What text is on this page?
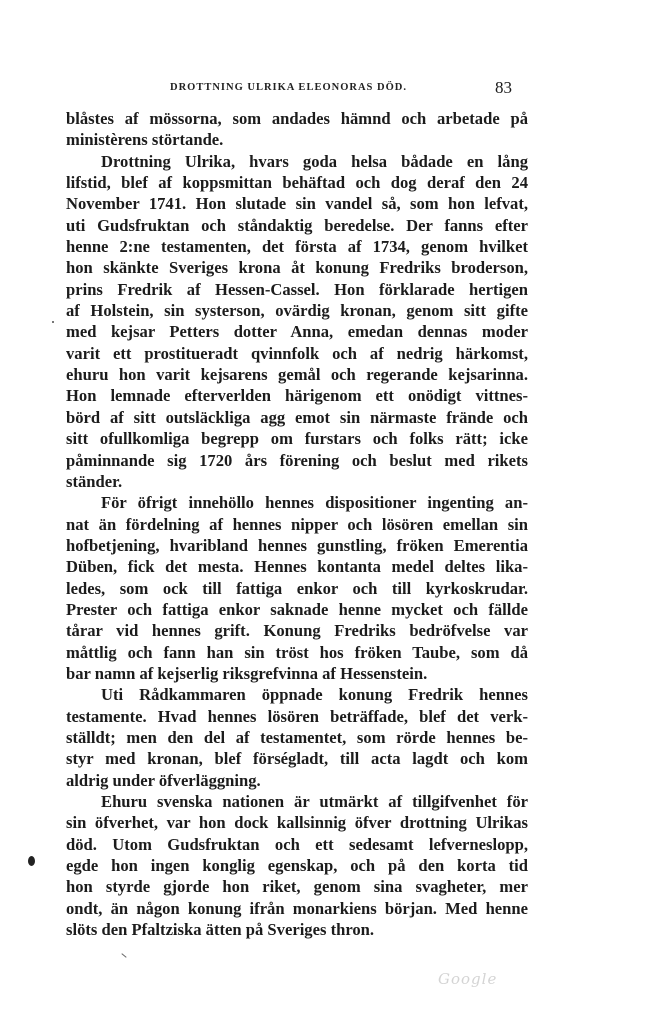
DROTTNING ULRIKA ELEONORAS DÖD.	83
blåstes af mössorna, som andades hämnd och arbetade på
ministèrens störtande.
Drottning Ulrika, hvars goda helsa bådade en lång
lifstid, blef af koppsmittan behäftad och dog deraf den 24
November 1741. Hon slutade sin vandel så, som hon lefvat,
uti Gudsfruktan och ståndaktig beredelse. Der fanns efter
henne 2:ne testamenten, det första af 1734, genom hvilket
hon skänkte Sveriges krona åt konung Fredriks broderson,
prins Fredrik af Hessen-Cassel. Hon förklarade hertigen
af Holstein, sin systerson, ovärdig kronan, genom sitt gifte
med kejsar Petters dotter Anna, emedan dennas moder
varit ett prostitueradt qvinnfolk och af nedrig härkomst,
ehuru hon varit kejsarens gemål och regerande kejsarinna.
Hon lemnade efterverlden härigenom ett onödigt vittnes-
börd af sitt outsläckliga agg emot sin närmaste frände och
sitt ofullkomliga begrepp om furstars och folks rätt; icke
påminnande sig 1720 års förening och beslut med rikets
ständer.
För öfrigt innehöllo hennes dispositioner ingenting an-
nat än fördelning af hennes nipper och lösören emellan sin
hofbetjening, hvaribland hennes gunstling, fröken Emerentia
Düben, fick det mesta. Hennes kontanta medel deltes lika-
ledes, som ock till fattiga enkor och till kyrkoskrudar.
Prester och fattiga enkor saknade henne mycket och fällde
tårar vid hennes grift. Konung Fredriks bedröfvelse var
måttlig och fann han sin tröst hos fröken Taube, som då
bar namn af kejserlig riksgrefvinna af Hessenstein.
Uti Rådkammaren öppnade konung Fredrik hennes
testamente. Hvad hennes lösören beträffade, blef det verk-
ställdt; men den del af testamentet, som rörde hennes be-
styr med kronan, blef förségladt, till acta lagdt och kom
aldrig under öfverläggning.
Ehuru svenska nationen är utmärkt af tillgifvenhet för
sin öfverhet, var hon dock kallsinnig öfver drottning Ulrikas
död. Utom Gudsfruktan och ett sedesamt lefverneslopp,
egde hon ingen konglig egenskap, och på den korta tid
hon styrde gjorde hon riket, genom sina svagheter, mer
ondt, än någon konung ifrån monarkiens början. Med henne
slöts den Pfaltziska ätten på Sveriges thron.
Google
